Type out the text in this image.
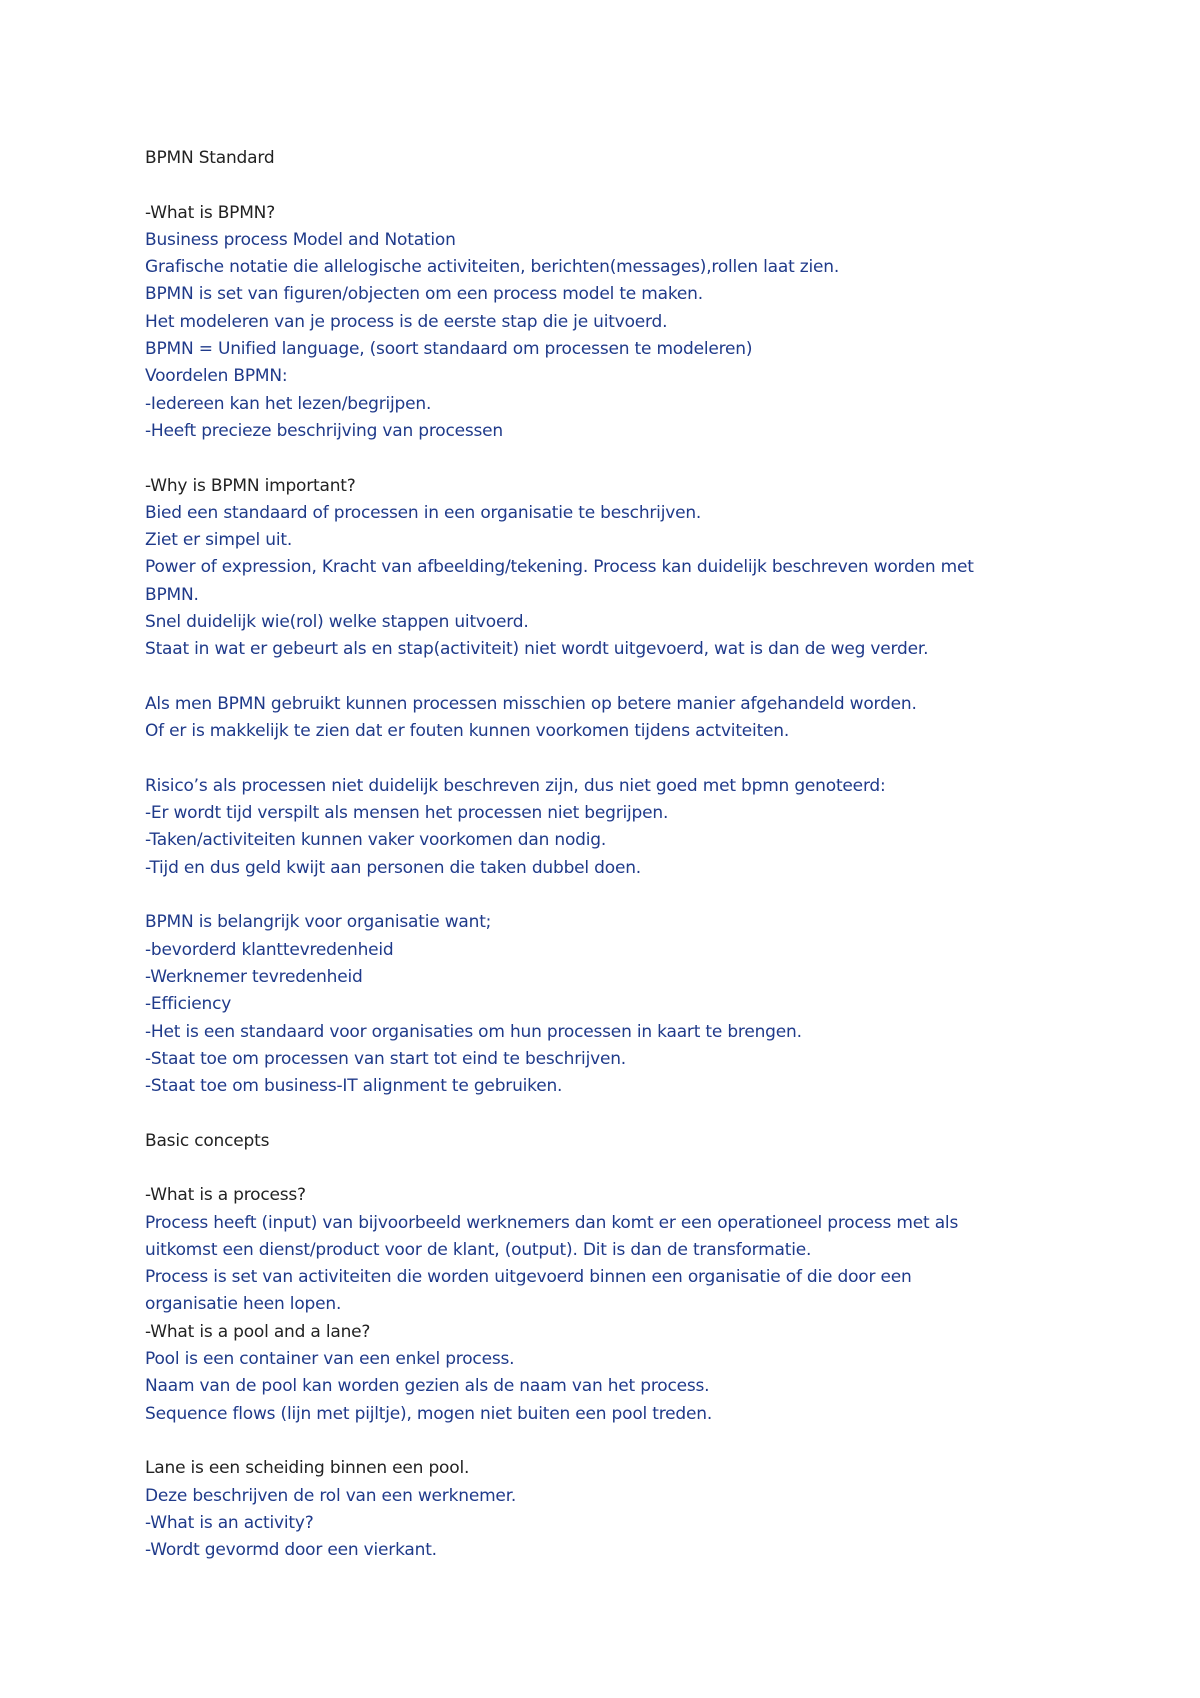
BPMN Standard
-What is BPMN?
Business process Model and Notation
Grafische notatie die allelogische activiteiten, berichten(messages),rollen laat zien.
BPMN is set van figuren/objecten om een process model te maken.
Het modeleren van je process is de eerste stap die je uitvoerd.
BPMN = Unified language, (soort standaard om processen te modeleren)
Voordelen BPMN:
-Iedereen kan het lezen/begrijpen.
-Heeft precieze beschrijving van processen
-Why is BPMN important?
Bied een standaard of processen in een organisatie te beschrijven.
Ziet er simpel uit.
Power of expression, Kracht van afbeelding/tekening. Process kan duidelijk beschreven worden met
BPMN.
Snel duidelijk wie(rol) welke stappen uitvoerd.
Staat in wat er gebeurt als en stap(activiteit) niet wordt uitgevoerd, wat is dan de weg verder.
Als men BPMN gebruikt kunnen processen misschien op betere manier afgehandeld worden.
Of er is makkelijk te zien dat er fouten kunnen voorkomen tijdens actviteiten.
Risico’s als processen niet duidelijk beschreven zijn, dus niet goed met bpmn genoteerd:
-Er wordt tijd verspilt als mensen het processen niet begrijpen.
-Taken/activiteiten kunnen vaker voorkomen dan nodig.
-Tijd en dus geld kwijt aan personen die taken dubbel doen.
BPMN is belangrijk voor organisatie want;
-bevorderd klanttevredenheid
-Werknemer tevredenheid
-Efficiency
-Het is een standaard voor organisaties om hun processen in kaart te brengen.
-Staat toe om processen van start tot eind te beschrijven.
-Staat toe om business-IT alignment te gebruiken.
Basic concepts
-What is a process?
Process heeft (input) van bijvoorbeeld werknemers dan komt er een operationeel process met als
uitkomst een dienst/product voor de klant, (output). Dit is dan de transformatie.
Process is set van activiteiten die worden uitgevoerd binnen een organisatie of die door een
organisatie heen lopen.
-What is a pool and a lane?
Pool is een container van een enkel process.
Naam van de pool kan worden gezien als de naam van het process.
Sequence flows (lijn met pijltje), mogen niet buiten een pool treden.
Lane is een scheiding binnen een pool.
Deze beschrijven de rol van een werknemer.
-What is an activity?
-Wordt gevormd door een vierkant.
